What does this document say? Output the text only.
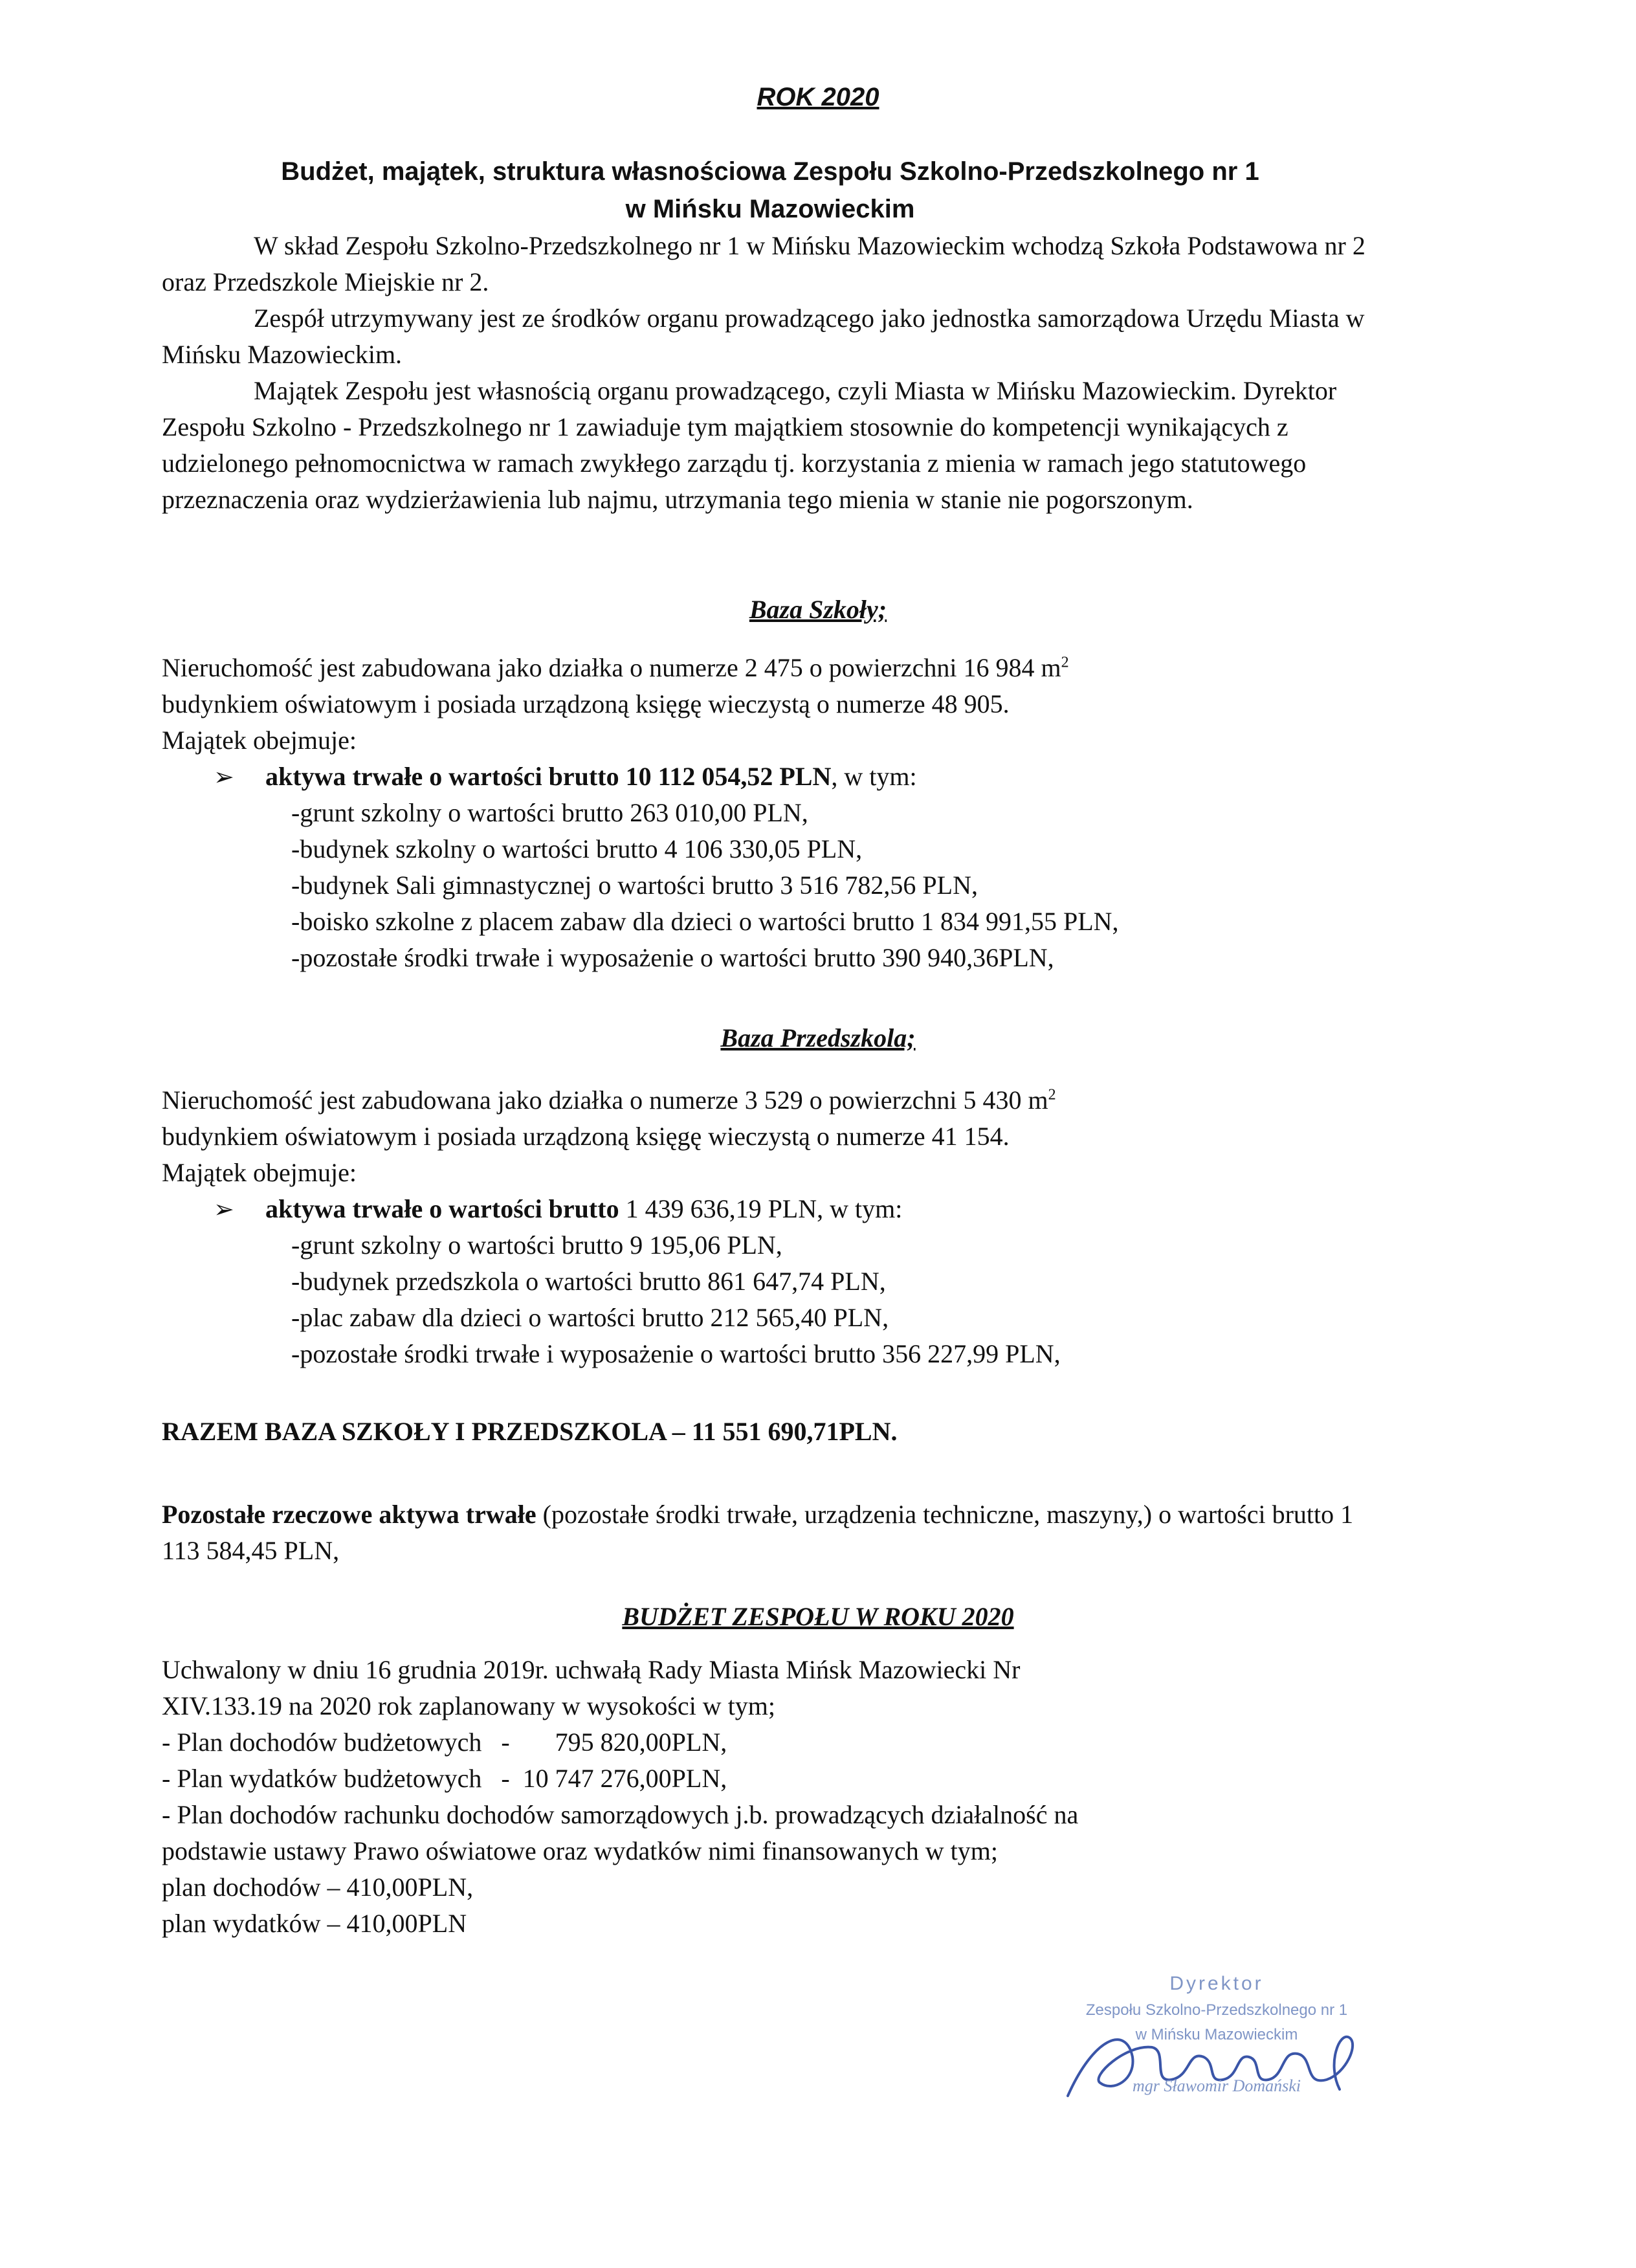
ROK 2020
Budżet, majątek, struktura własnościowa Zespołu Szkolno-Przedszkolnego nr 1
w Mińsku Mazowieckim

W skład Zespołu Szkolno-Przedszkolnego nr 1 w Mińsku Mazowieckim wchodzą Szkoła Podstawowa nr 2 oraz Przedszkole Miejskie nr 2.

Zespół utrzymywany jest ze środków organu prowadzącego jako jednostka samorządowa Urzędu Miasta w Mińsku Mazowieckim.

Majątek Zespołu jest własnością organu prowadzącego, czyli Miasta w Mińsku Mazowieckim. Dyrektor Zespołu Szkolno - Przedszkolnego nr 1 zawiaduje tym majątkiem stosownie do kompetencji wynikających z udzielonego pełnomocnictwa w ramach zwykłego zarządu tj. korzystania z mienia w ramach jego statutowego przeznaczenia oraz wydzierżawienia lub najmu, utrzymania tego mienia w stanie nie pogorszonym.

Baza Szkoły;

Nieruchomość jest zabudowana jako działka o numerze 2 475 o powierzchni 16 984 $m^2$

budynkiem oświatowym i posiada urządzoną księgę wieczystą o numerze 48 905.

Majątek obejmuje:

➢ aktywa trwałe o wartości brutto 10 112 054,52 PLN, w tym:
-grunt szkolny o wartości brutto 263 010,00 PLN,
-budynek szkolny o wartości brutto 4 106 330,05 PLN,
-budynek Sali gimnastycznej o wartości brutto 3 516 782,56 PLN,
-boisko szkolne z placem zabaw dla dzieci o wartości brutto 1 834 991,55 PLN,
-pozostałe środki trwałe i wyposażenie o wartości brutto 390 940,36PLN,
Baza Przedszkola;

Nieruchomość jest zabudowana jako działka o numerze 3 529 o powierzchni 5 430 $m^2$

budynkiem oświatowym i posiada urządzoną księgę wieczystą o numerze 41 154.

Majątek obejmuje:

➢ aktywa trwałe o wartości brutto 1 439 636,19 PLN, w tym:
-grunt szkolny o wartości brutto 9 195,06 PLN,
-budynek przedszkola o wartości brutto 861 647,74 PLN,
-plac zabaw dla dzieci o wartości brutto 212 565,40 PLN,
-pozostałe środki trwałe i wyposażenie o wartości brutto 356 227,99 PLN,
RAZEM BAZA SZKOŁY I PRZEDSZKOLA – 11 551 690,71PLN.

Pozostałe rzeczowe aktywa trwałe (pozostałe środki trwałe, urządzenia techniczne, maszyny,) o wartości brutto 1 113 584,45 PLN,

BUDŻET ZESPOŁU W ROKU 2020
Uchwalony w dniu 16 grudnia 2019r. uchwałą Rady Miasta Mińsk Mazowiecki Nr
XIV.133.19 na 2020 rok zaplanowany w wysokości w tym;
- Plan dochodów budżetowych   -       795 820,00PLN,
- Plan wydatków budżetowych   -  10 747 276,00PLN,
- Plan dochodów rachunku dochodów samorządowych j.b. prowadzących działalność na
podstawie ustawy Prawo oświatowe oraz wydatków nimi finansowanych w tym;
plan dochodów – 410,00PLN,
plan wydatków – 410,00PLN
Dyrektor
Zespołu Szkolno-Przedszkolnego nr 1
w Mińsku Mazowieckim
mgr Sławomir Domański
